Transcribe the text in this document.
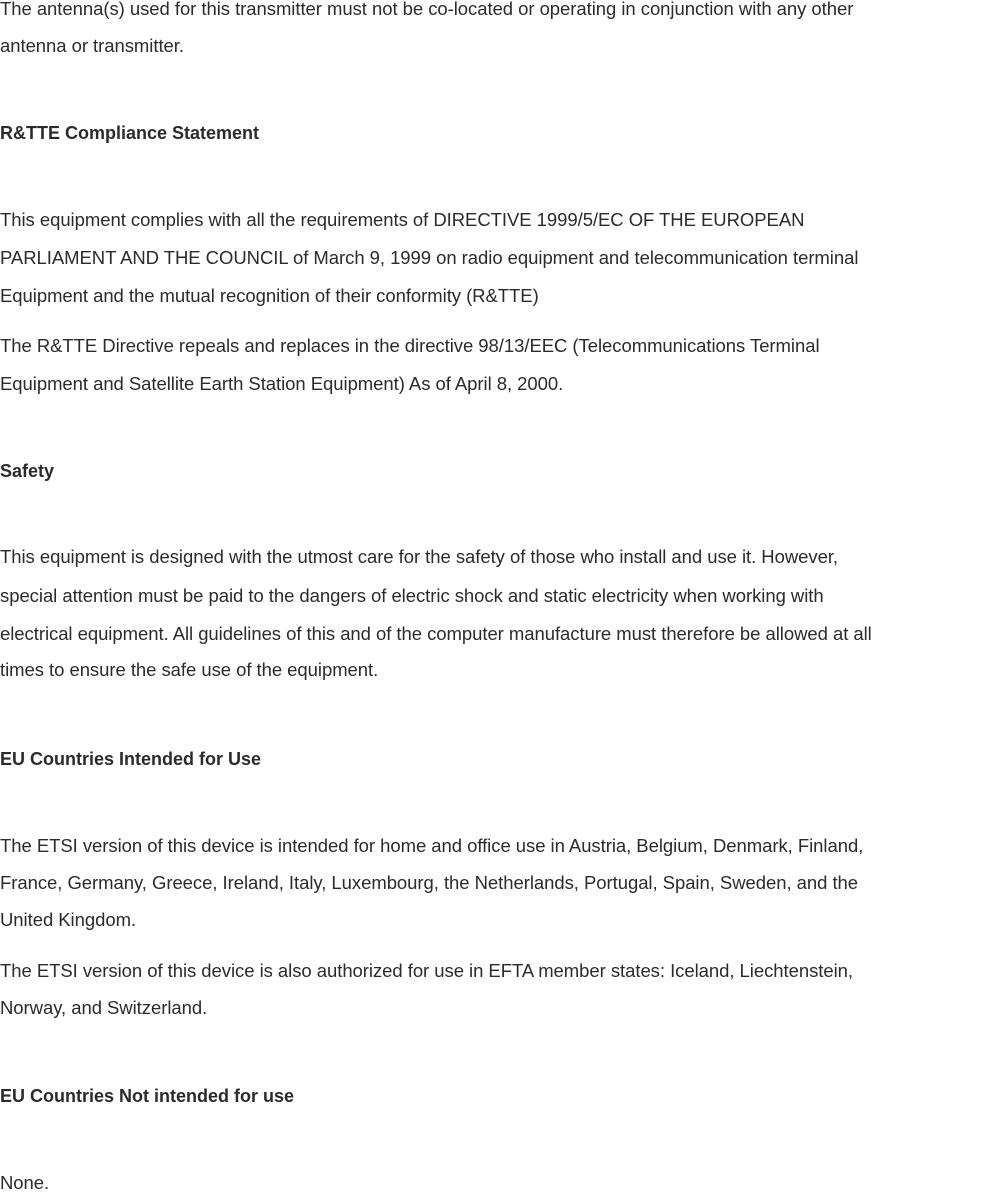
The antenna(s) used for this transmitter must not be co-located or operating in conjunction with any other
antenna or transmitter.
R&TTE Compliance Statement
This equipment complies with all the requirements of DIRECTIVE 1999/5/EC OF THE EUROPEAN
PARLIAMENT AND THE COUNCIL of March 9, 1999 on radio equipment and telecommunication terminal
Equipment and the mutual recognition of their conformity (R&TTE)
The R&TTE Directive repeals and replaces in the directive 98/13/EEC (Telecommunications Terminal
Equipment and Satellite Earth Station Equipment) As of April 8, 2000.
Safety
This equipment is designed with the utmost care for the safety of those who install and use it. However,
special attention must be paid to the dangers of electric shock and static electricity when working with
electrical equipment. All guidelines of this and of the computer manufacture must therefore be allowed at all
times to ensure the safe use of the equipment.
EU Countries Intended for Use
The ETSI version of this device is intended for home and office use in Austria, Belgium, Denmark, Finland,
France, Germany, Greece, Ireland, Italy, Luxembourg, the Netherlands, Portugal, Spain, Sweden, and the
United Kingdom.
The ETSI version of this device is also authorized for use in EFTA member states: Iceland, Liechtenstein,
Norway, and Switzerland.
EU Countries Not intended for use
None.
